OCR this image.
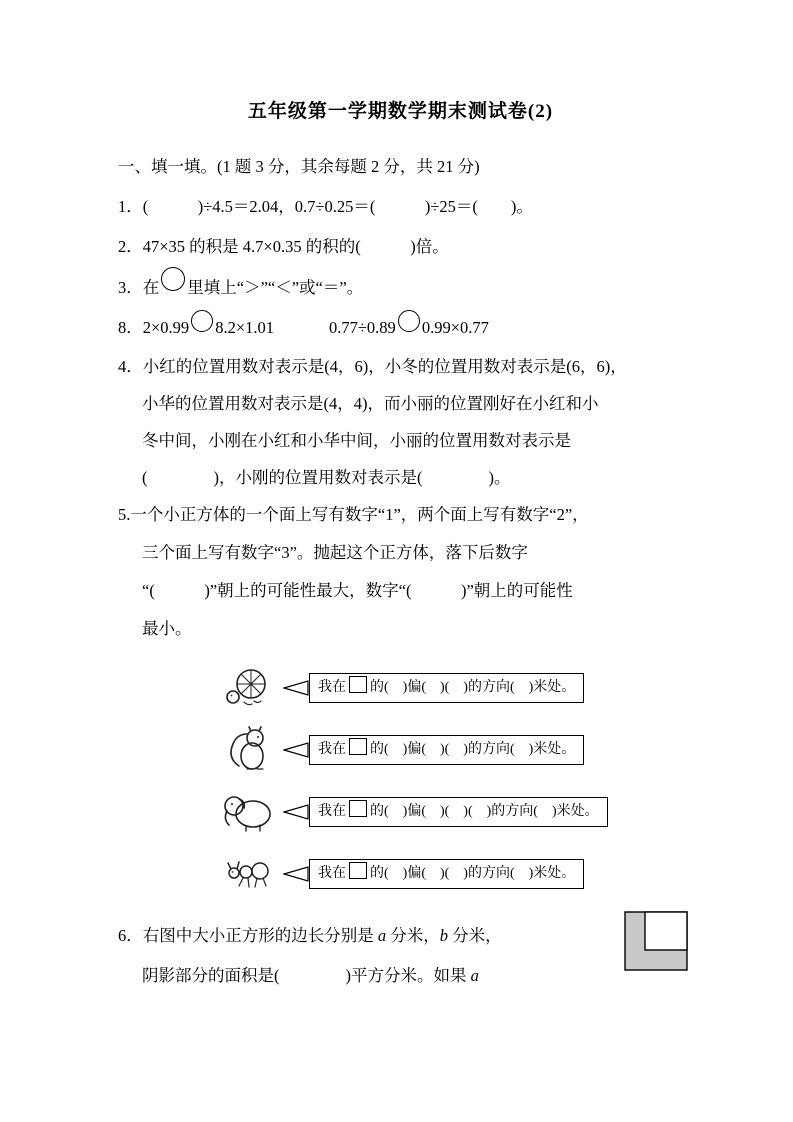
五年级第一学期数学期末测试卷(2)
一、填一填。(1 题 3 分，其余每题 2 分，共 21 分)
1．(　　　)÷4.5＝2.04，0.7÷0.25＝(　　　)÷25＝(　　)。
2．47×35 的积是 4.7×0.35 的积的(　　　)倍。
3．在 里填上“＞”“＜”或“＝”。
8．2×0.99 8.2×1.01	0.77÷0.89 0.99×0.77
4．小红的位置用数对表示是(4，6)，小冬的位置用数对表示是(6，6)，
小华的位置用数对表示是(4，4)，而小丽的位置刚好在小红和小
冬中间，小刚在小红和小华中间，小丽的位置用数对表示是
(　　　　)，小刚的位置用数对表示是(　　　　)。
5.一个小正方体的一个面上写有数字“1”，两个面上写有数字“2”，
三个面上写有数字“3”。抛起这个正方体，落下后数字
“(　　　)”朝上的可能性最大，数字“(　　　)”朝上的可能性
最小。
我在 的(　)偏(　)(　)的方向(　)米处。
我在 的(　)偏(　)(　)的方向(　)米处。
我在 的(　)偏(　)(　)(　)的方向(　)米处。
我在 的(　)偏(　)(　)的方向(　)米处。
6．右图中大小正方形的边长分别是 a 分米，b 分米，
阴影部分的面积是(　　　　)平方分米。如果 a
